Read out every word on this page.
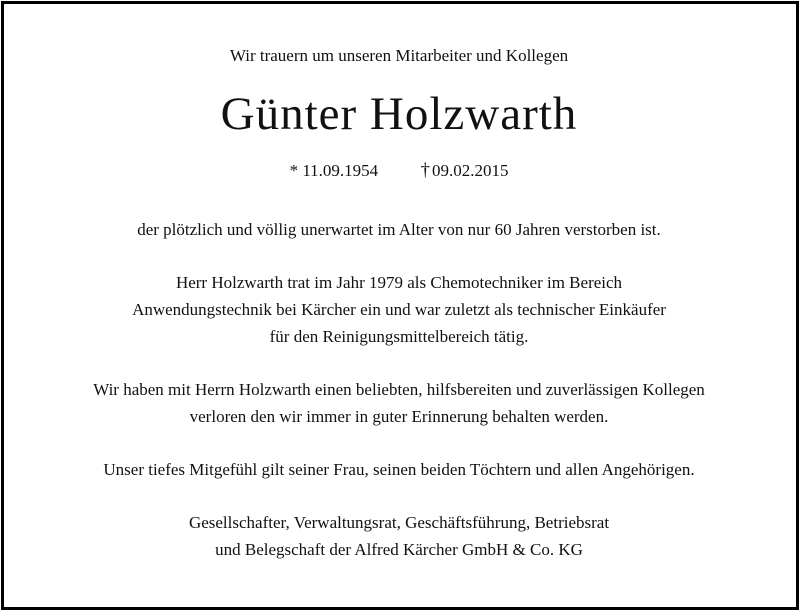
Wir trauern um unseren Mitarbeiter und Kollegen
Günter Holzwarth
* 11.09.1954 † 09.02.2015
der plötzlich und völlig unerwartet im Alter von nur 60 Jahren verstorben ist.
Herr Holzwarth trat im Jahr 1979 als Chemotechniker im Bereich
Anwendungstechnik bei Kärcher ein und war zuletzt als technischer Einkäufer
für den Reinigungsmittelbereich tätig.
Wir haben mit Herrn Holzwarth einen beliebten, hilfsbereiten und zuverlässigen Kollegen
verloren den wir immer in guter Erinnerung behalten werden.
Unser tiefes Mitgefühl gilt seiner Frau, seinen beiden Töchtern und allen Angehörigen.
Gesellschafter, Verwaltungsrat, Geschäftsführung, Betriebsrat
und Belegschaft der Alfred Kärcher GmbH & Co. KG
